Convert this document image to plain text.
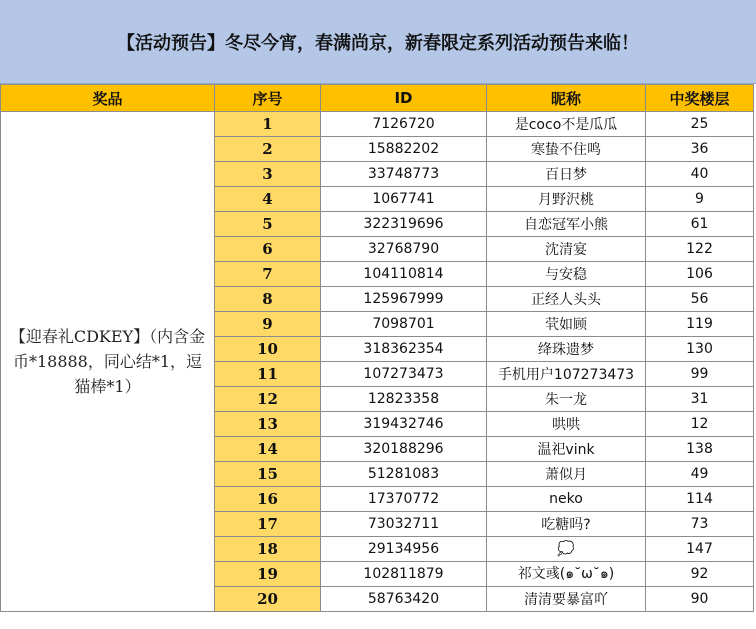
【活动预告】冬尽今宵，春满尚京，新春限定系列活动预告来临！
奖品	序号	ID	昵称	中奖楼层
【迎春礼CDKEY】（内含金币*18888，同心结*1，逗猫棒*1）	1	7126720	是coco不是瓜瓜	25
	2	15882202	寒蛰不住鸣	36
	3	33748773	百日梦	40
	4	1067741	月野沢桃	9
	5	322319696	自恋冠军小熊	61
	6	32768790	沈清宴	122
	7	104110814	与安稳	106
	8	125967999	正经人头头	56
	9	7098701	茕如顾	119
	10	318362354	绛珠遗梦	130
	11	107273473	手机用户107273473	99
	12	12823358	朱一龙	31
	13	319432746	哄哄	12
	14	320188296	温祀vink	138
	15	51281083	萧似月	49
	16	17370772	neko	114
	17	73032711	吃糖吗?	73
	18	29134956	💭	147
	19	102811879	祁文彧(๑˘ω˘๑)	92
	20	58763420	清清要暴富吖	90
